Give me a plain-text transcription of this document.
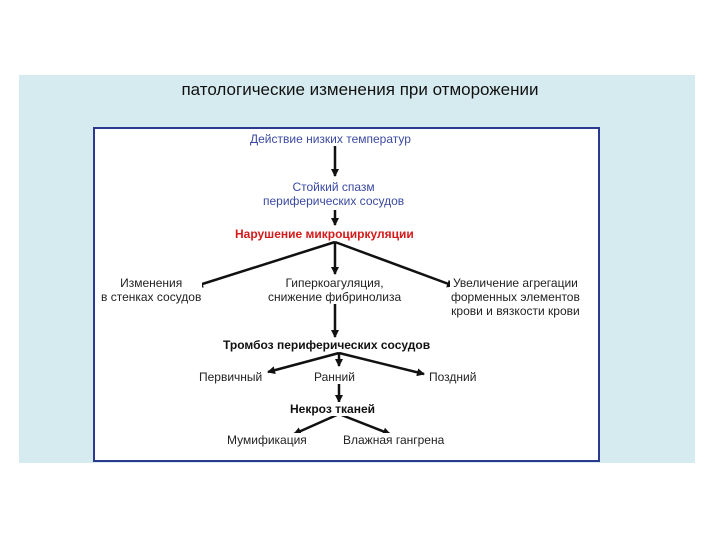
патологические изменения при отморожении
Действие низких температур
Стойкий спазм
периферических сосудов
Нарушение микроциркуляции
Изменения
в стенках сосудов
Гиперкоагуляция,
снижение фибринолиза
Увеличение агрегации
форменных элементов
крови и вязкости крови
Тромбоз периферических сосудов
Первичный	Ранний	Поздний
Некроз тканей
Мумификация	Влажная гангрена
